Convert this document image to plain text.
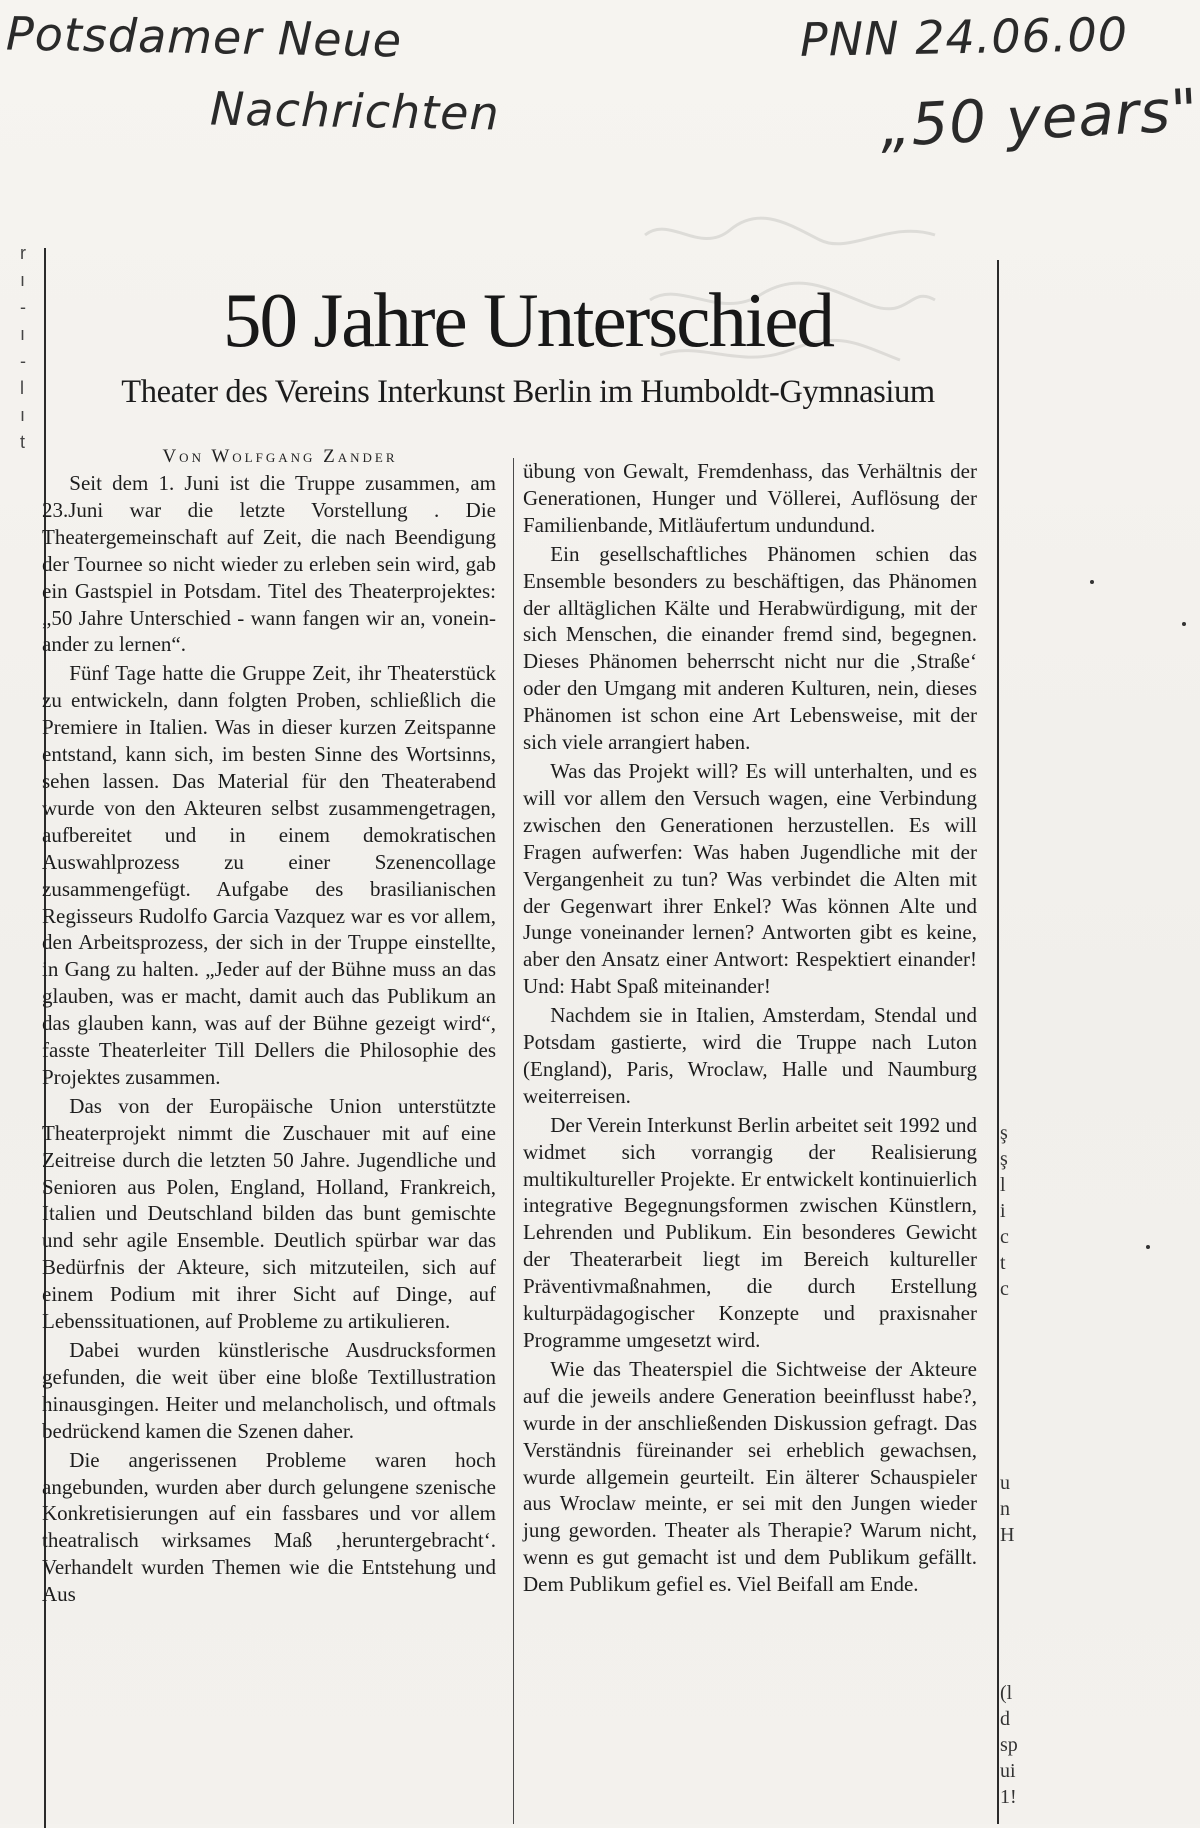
Potsdamer Neue
Nachrichten
PNN 24.06.00
„50 years"
r
ı
-
ı
-
l
ı
t
50 Jahre Unterschied
Theater des Vereins Interkunst Berlin im Humboldt-Gymnasium
Von Wolfgang Zander

Seit dem 1. Juni ist die Truppe zusammen, am 23.Juni war die letzte Vorstellung . Die Theatergemeinschaft auf Zeit, die nach Beendigung der Tournee so nicht wieder zu erleben sein wird, gab ein Gastspiel in Potsdam. Titel des Theaterprojektes: „50 Jahre Unterschied - wann fangen wir an, voneinander zu lernen“.

Fünf Tage hatte die Gruppe Zeit, ihr Theaterstück zu entwickeln, dann folgten Proben, schließlich die Premiere in Italien. Was in dieser kurzen Zeitspanne entstand, kann sich, im besten Sinne des Wortsinns, sehen lassen. Das Material für den Theaterabend wurde von den Akteuren selbst zusammengetragen, aufbereitet und in einem demokratischen Auswahlprozess zu einer Szenencollage zusammengefügt. Aufgabe des brasilianischen Regisseurs Rudolfo Garcia Vazquez war es vor allem, den Arbeitsprozess, der sich in der Truppe einstellte, in Gang zu halten. „Jeder auf der Bühne muss an das glauben, was er macht, damit auch das Publikum an das glauben kann, was auf der Bühne gezeigt wird“, fasste Theaterleiter Till Dellers die Philosophie des Projektes zusammen.

Das von der Europäische Union unterstützte Theaterprojekt nimmt die Zuschauer mit auf eine Zeitreise durch die letzten 50 Jahre. Jugendliche und Senioren aus Polen, England, Holland, Frankreich, Italien und Deutschland bilden das bunt gemischte und sehr agile Ensemble. Deutlich spürbar war das Bedürfnis der Akteure, sich mitzuteilen, sich auf einem Podium mit ihrer Sicht auf Dinge, auf Lebenssituationen, auf Probleme zu artikulieren.

Dabei wurden künstlerische Ausdrucksformen gefunden, die weit über eine bloße Textillustration hinausgingen. Heiter und melancholisch, und oftmals bedrückend kamen die Szenen daher.

Die angerissenen Probleme waren hoch angebunden, wurden aber durch gelungene szenische Konkretisierungen auf ein fassbares und vor allem theatralisch wirksames Maß ‚heruntergebracht‘. Verhandelt wurden Themen wie die Entstehung und Aus

übung von Gewalt, Fremdenhass, das Verhältnis der Generationen, Hunger und Völlerei, Auflösung der Familienbande, Mitläufertum undundund.

Ein gesellschaftliches Phänomen schien das Ensemble besonders zu beschäftigen, das Phänomen der alltäglichen Kälte und Herabwürdigung, mit der sich Menschen, die einander fremd sind, begegnen. Dieses Phänomen beherrscht nicht nur die ‚Straße‘ oder den Umgang mit anderen Kulturen, nein, dieses Phänomen ist schon eine Art Lebensweise, mit der sich viele arrangiert haben.

Was das Projekt will? Es will unterhalten, und es will vor allem den Versuch wagen, eine Verbindung zwischen den Generationen herzustellen. Es will Fragen aufwerfen: Was haben Jugendliche mit der Vergangenheit zu tun? Was verbindet die Alten mit der Gegenwart ihrer Enkel? Was können Alte und Junge voneinander lernen? Antworten gibt es keine, aber den Ansatz einer Antwort: Respektiert einander! Und: Habt Spaß miteinander!

Nachdem sie in Italien, Amsterdam, Stendal und Potsdam gastierte, wird die Truppe nach Luton (England), Paris, Wroclaw, Halle und Naumburg weiterreisen.

Der Verein Interkunst Berlin arbeitet seit 1992 und widmet sich vorrangig der Realisierung multikultureller Projekte. Er entwickelt kontinuierlich integrative Begegnungsformen zwischen Künstlern, Lehrenden und Publikum. Ein besonderes Gewicht der Theaterarbeit liegt im Bereich kultureller Präventivmaßnahmen, die durch Erstellung kulturpädagogischer Konzepte und praxisnaher Programme umgesetzt wird.

Wie das Theaterspiel die Sichtweise der Akteure auf die jeweils andere Generation beeinflusst habe?, wurde in der anschließenden Diskussion gefragt. Das Verständnis füreinander sei erheblich gewachsen, wurde allgemein geurteilt. Ein älterer Schauspieler aus Wroclaw meinte, er sei mit den Jungen wieder jung geworden. Theater als Therapie? Warum nicht, wenn es gut gemacht ist und dem Publikum gefällt. Dem Publikum gefiel es. Viel Beifall am Ende.

ş
ş
l
i
c
t
c
u
n
H
(l
d
sp
ui
1!
